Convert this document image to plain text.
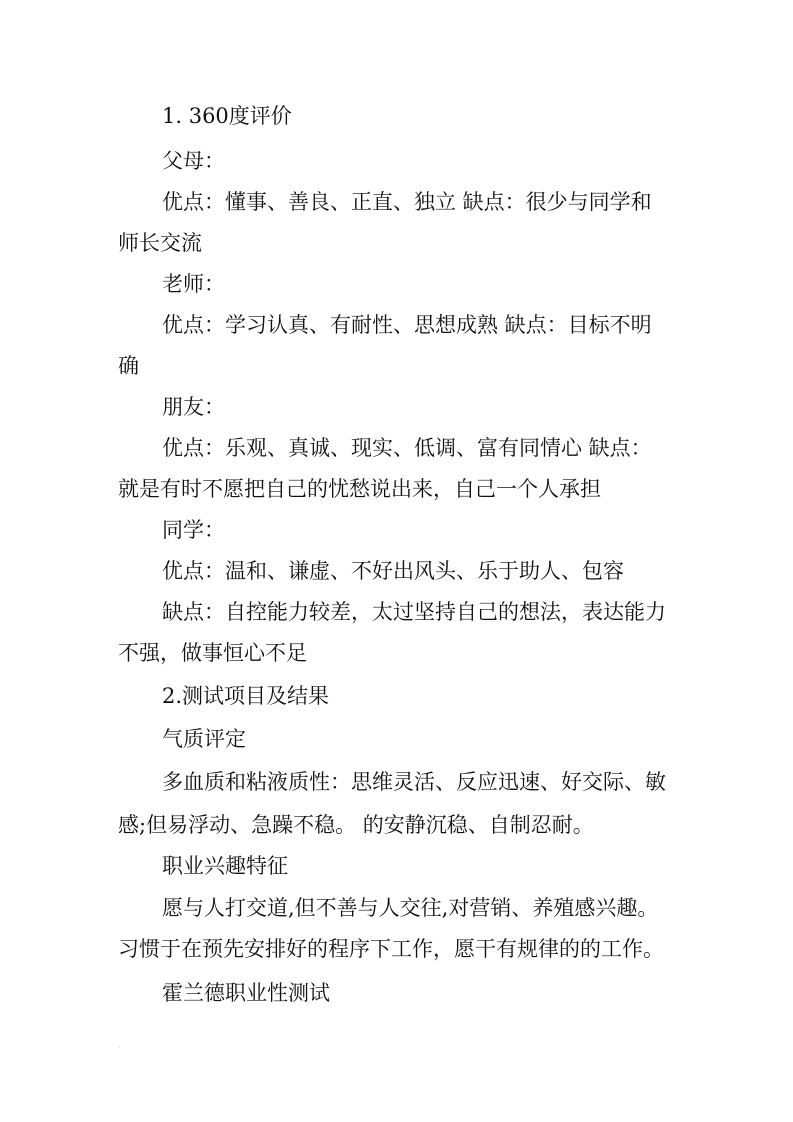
1. 360度评价
父母：
优点：懂事、善良、正直、独立 缺点：很少与同学和
师长交流
老师：
优点：学习认真、有耐性、思想成熟 缺点：目标不明
确
朋友：
优点：乐观、真诚、现实、低调、富有同情心 缺点：
就是有时不愿把自己的忧愁说出来，自己一个人承担
同学：
优点：温和、谦虚、不好出风头、乐于助人、包容
缺点：自控能力较差，太过坚持自己的想法，表达能力
不强，做事恒心不足
2.测试项目及结果
气质评定
多血质和粘液质性：思维灵活、反应迅速、好交际、敏
感;但易浮动、急躁不稳。 的安静沉稳、自制忍耐。
职业兴趣特征
愿与人打交道,但不善与人交往,对营销、养殖感兴趣。
习惯于在预先安排好的程序下工作，愿干有规律的的工作。
霍兰德职业性测试
.
